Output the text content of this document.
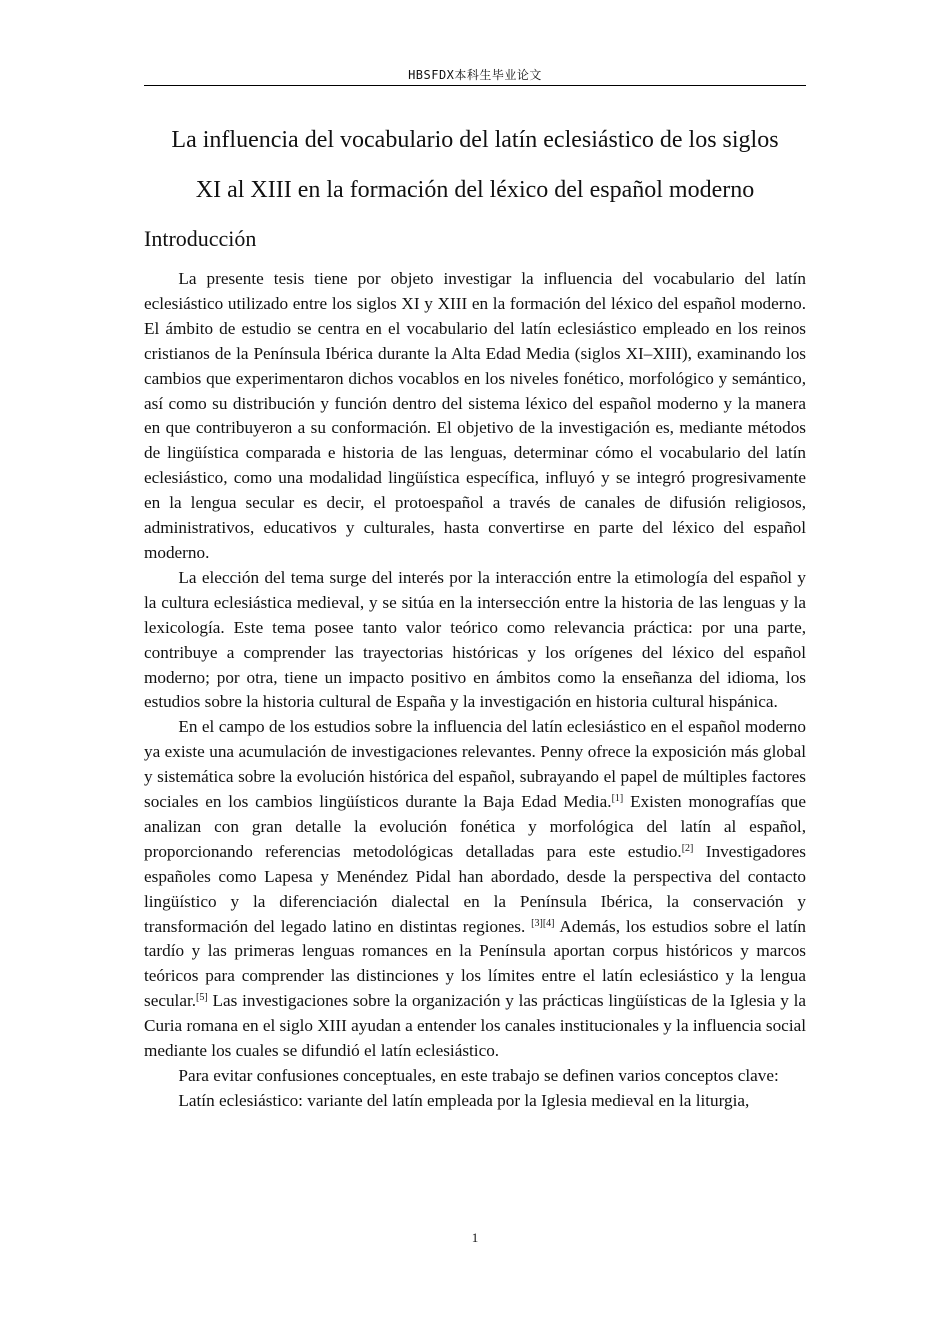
HBSFDX本科生毕业论文
La influencia del vocabulario del latín eclesiástico de los siglos
XI al XIII en la formación del léxico del español moderno
Introducción

La presente tesis tiene por objeto investigar la influencia del vocabulario del latín eclesiástico utilizado entre los siglos XI y XIII en la formación del léxico del español moderno. El ámbito de estudio se centra en el vocabulario del latín eclesiástico empleado en los reinos cristianos de la Península Ibérica durante la Alta Edad Media (siglos XI–XIII), examinando los cambios que experimentaron dichos vocablos en los niveles fonético, morfológico y semántico, así como su distribución y función dentro del sistema léxico del español moderno y la manera en que contribuyeron a su conformación. El objetivo de la investigación es, mediante métodos de lingüística comparada e historia de las lenguas, determinar cómo el vocabulario del latín eclesiástico, como una modalidad lingüística específica, influyó y se integró progresivamente en la lengua secular es decir, el protoespañol a través de canales de difusión religiosos, administrativos, educativos y culturales, hasta convertirse en parte del léxico del español moderno.

La elección del tema surge del interés por la interacción entre la etimología del español y la cultura eclesiástica medieval, y se sitúa en la intersección entre la historia de las lenguas y la lexicología. Este tema posee tanto valor teórico como relevancia práctica: por una parte, contribuye a comprender las trayectorias históricas y los orígenes del léxico del español moderno; por otra, tiene un impacto positivo en ámbitos como la enseñanza del idioma, los estudios sobre la historia cultural de España y la investigación en historia cultural hispánica.

En el campo de los estudios sobre la influencia del latín eclesiástico en el español moderno ya existe una acumulación de investigaciones relevantes. Penny ofrece la exposición más global y sistemática sobre la evolución histórica del español, subrayando el papel de múltiples factores sociales en los cambios lingüísticos durante la Baja Edad Media.[1] Existen monografías que analizan con gran detalle la evolución fonética y morfológica del latín al español, proporcionando referencias metodológicas detalladas para este estudio.[2] Investigadores españoles como Lapesa y Menéndez Pidal han abordado, desde la perspectiva del contacto lingüístico y la diferenciación dialectal en la Península Ibérica, la conservación y transformación del legado latino en distintas regiones. [3][4] Además, los estudios sobre el latín tardío y las primeras lenguas romances en la Península aportan corpus históricos y marcos teóricos para comprender las distinciones y los límites entre el latín eclesiástico y la lengua secular.[5] Las investigaciones sobre la organización y las prácticas lingüísticas de la Iglesia y la Curia romana en el siglo XIII ayudan a entender los canales institucionales y la influencia social mediante los cuales se difundió el latín eclesiástico.

Para evitar confusiones conceptuales, en este trabajo se definen varios conceptos clave:

Latín eclesiástico: variante del latín empleada por la Iglesia medieval en la liturgia,

1
